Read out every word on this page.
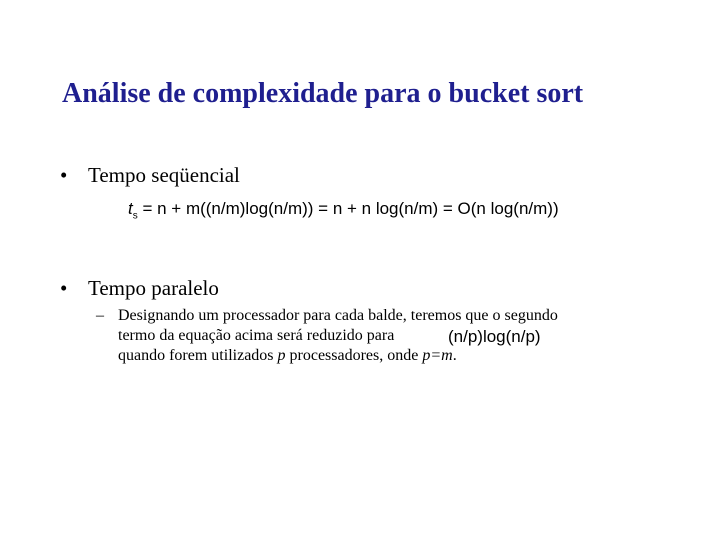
Análise de complexidade para o bucket sort
• Tempo seqüencial
$t_s = n + m((n/m)\log(n/m)) = n + n$ log(n/m) = O(n log(n/m))
• Tempo paralelo
– Designando um processador para cada balde, teremos que o segundo
termo da equação acima será reduzido para
quando forem utilizados p processadores, onde p=m.
(n/p)log(n/p)
